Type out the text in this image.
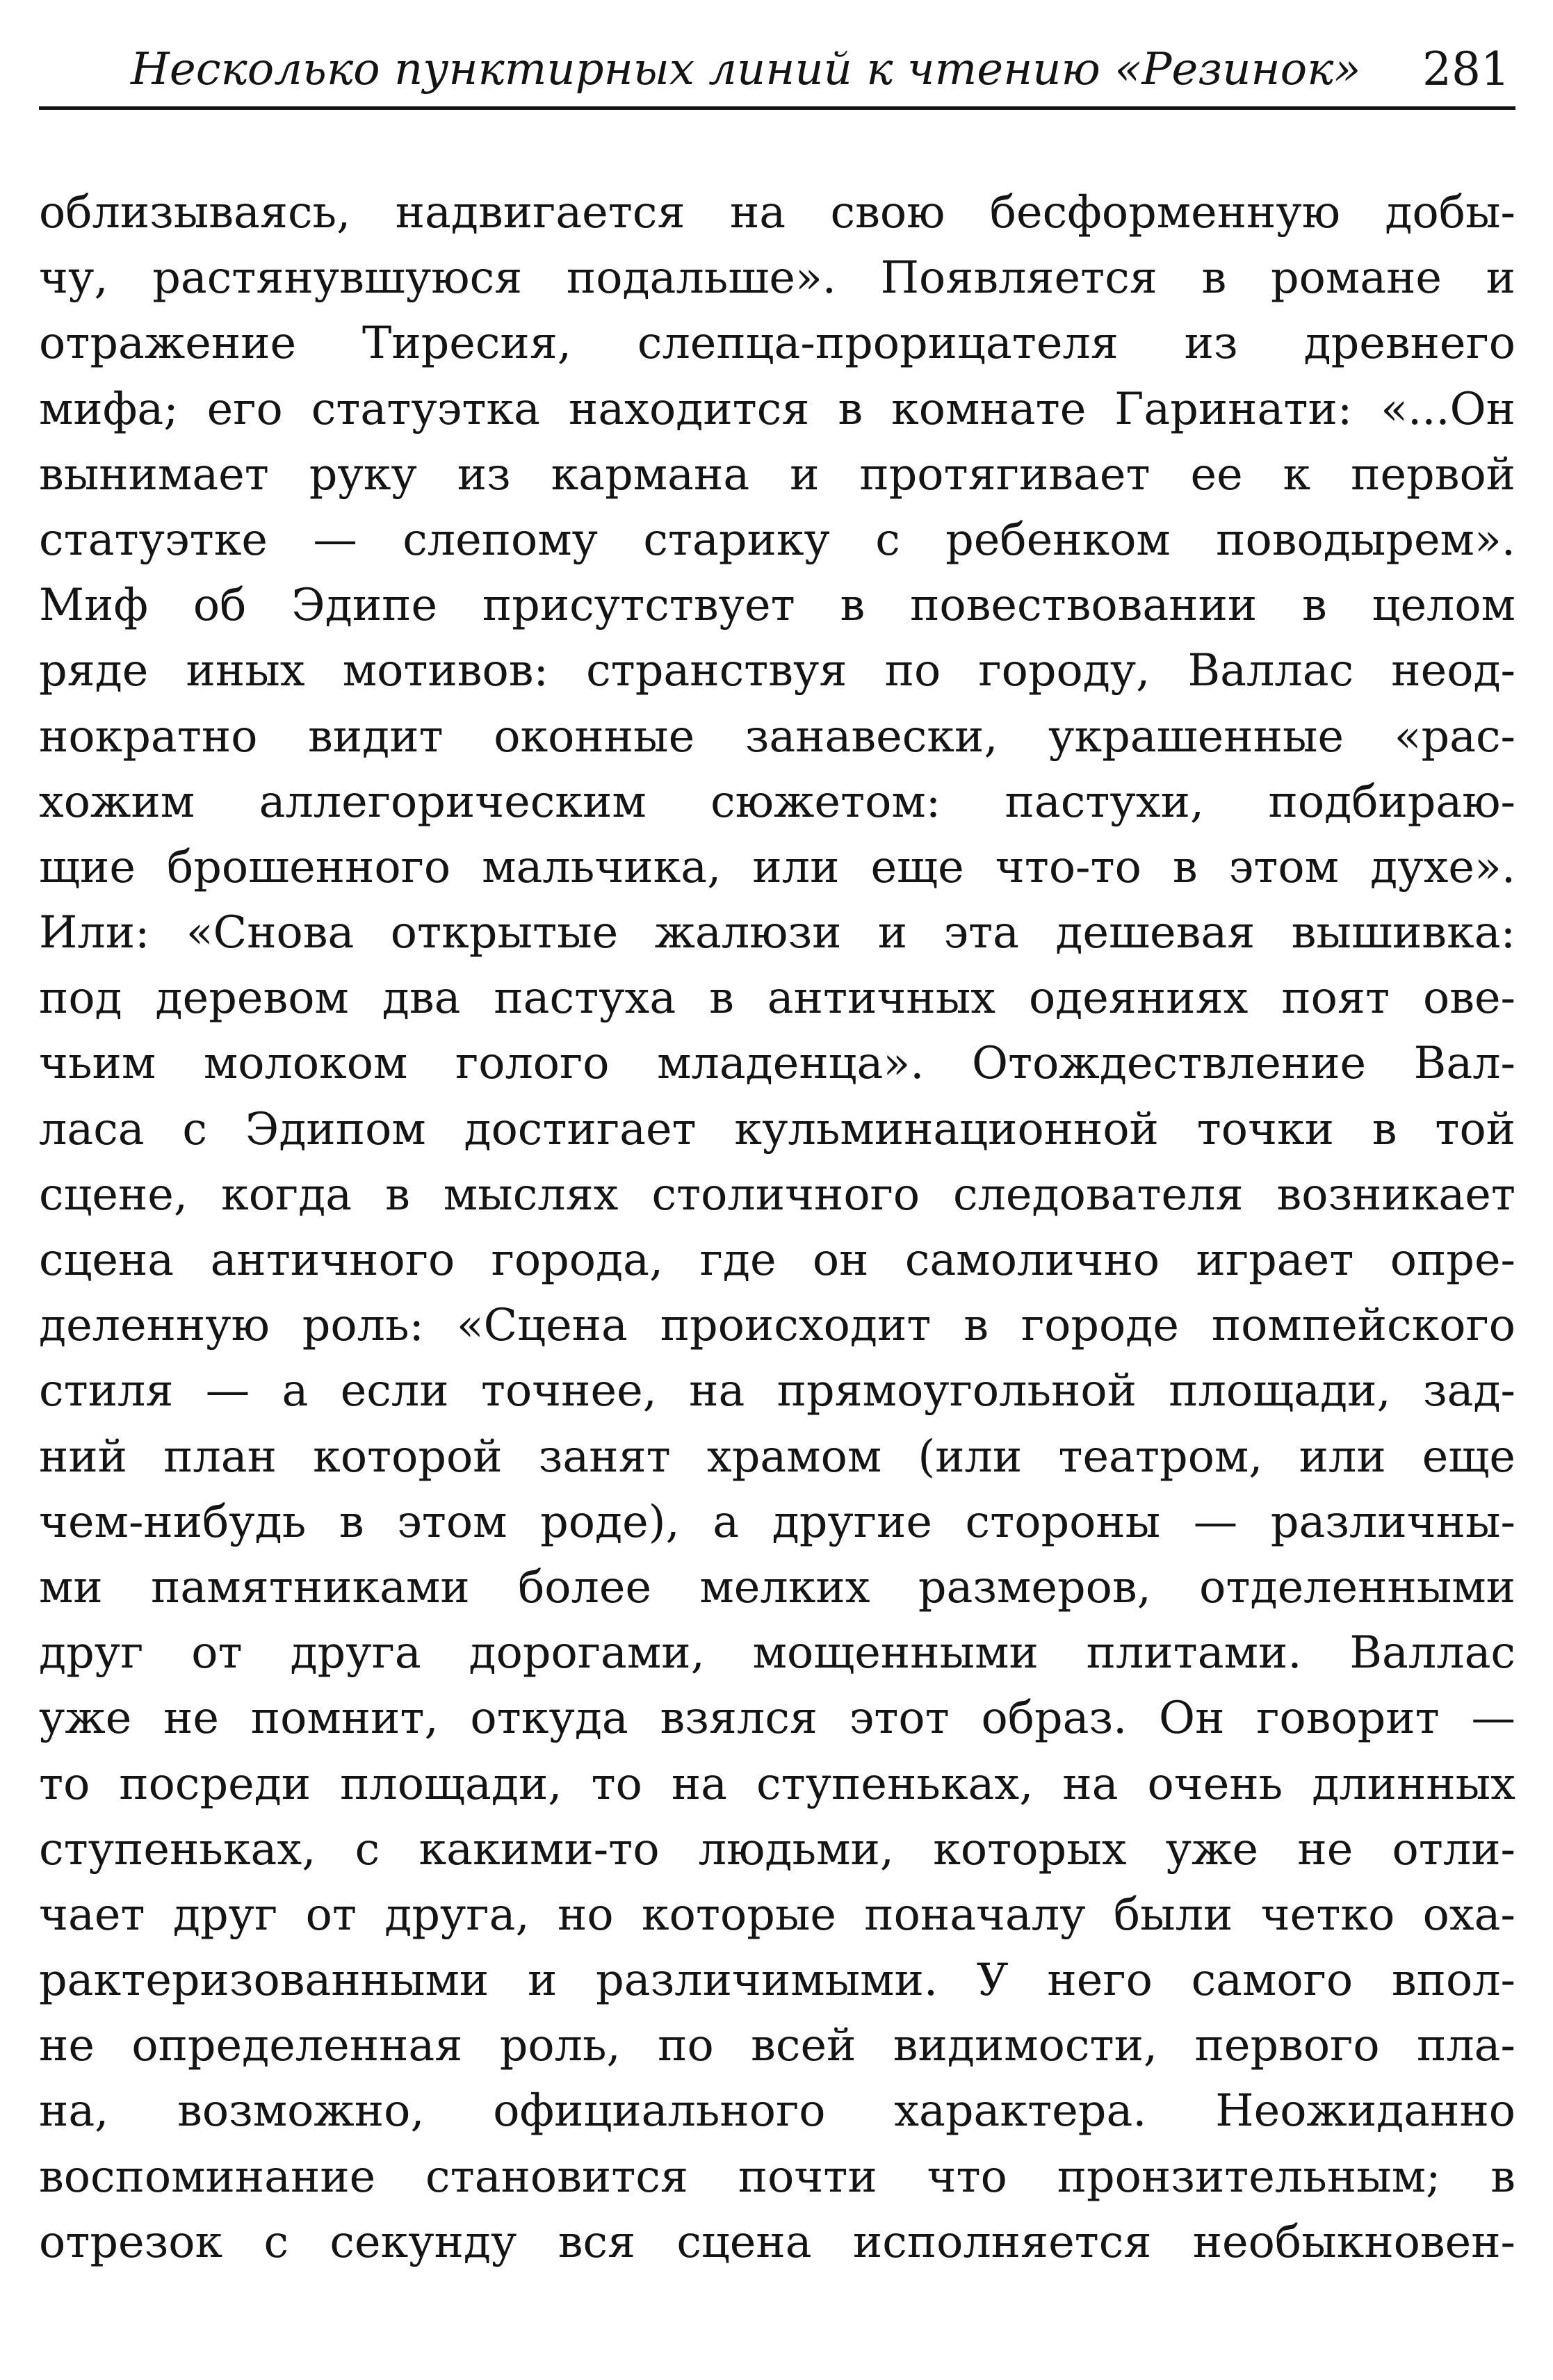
Несколько пунктирных линий к чтению «Резинок» 281
облизываясь, надвигается на свою бесформенную добы-
чу, растянувшуюся подальше». Появляется в романе и
отражение Тиресия, слепца-прорицателя из древнего
мифа; его статуэтка находится в комнате Гаринати: «...Он
вынимает руку из кармана и протягивает ее к первой
статуэтке — слепому старику с ребенком поводырем».
Миф об Эдипе присутствует в повествовании в целом
ряде иных мотивов: странствуя по городу, Валлас неод-
нократно видит оконные занавески, украшенные «рас-
хожим аллегорическим сюжетом: пастухи, подбираю-
щие брошенного мальчика, или еще что-то в этом духе».
Или: «Снова открытые жалюзи и эта дешевая вышивка:
под деревом два пастуха в античных одеяниях поят ове-
чьим молоком голого младенца». Отождествление Вал-
ласа с Эдипом достигает кульминационной точки в той
сцене, когда в мыслях столичного следователя возникает
сцена античного города, где он самолично играет опре-
деленную роль: «Сцена происходит в городе помпейского
стиля — а если точнее, на прямоугольной площади, зад-
ний план которой занят храмом (или театром, или еще
чем-нибудь в этом роде), а другие стороны — различны-
ми памятниками более мелких размеров, отделенными
друг от друга дорогами, мощенными плитами. Валлас
уже не помнит, откуда взялся этот образ. Он говорит —
то посреди площади, то на ступеньках, на очень длинных
ступеньках, с какими-то людьми, которых уже не отли-
чает друг от друга, но которые поначалу были четко оха-
рактеризованными и различимыми. У него самого впол-
не определенная роль, по всей видимости, первого пла-
на, возможно, официального характера. Неожиданно
воспоминание становится почти что пронзительным; в
отрезок с секунду вся сцена исполняется необыкновен-
